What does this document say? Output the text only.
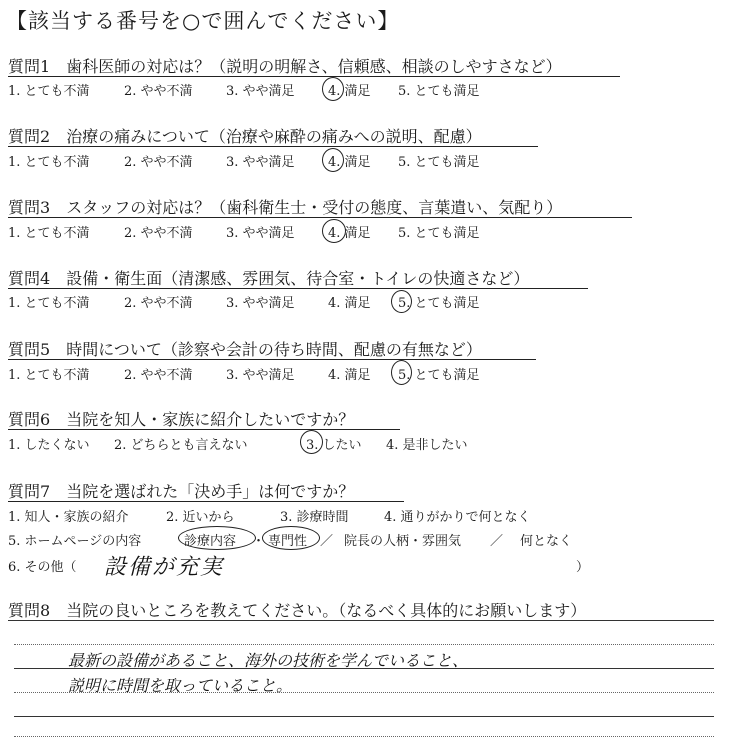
【該当する番号を○で囲んでください】
質問1　 歯科医師の対応は？（説明の明解さ、信頼感、相談のしやすさなど）
1. とても不満	2. やや不満	3. やや満足	4. 満足 5. とても満足
質問2　 治療の痛みについて（治療や麻酔の痛みへの説明、配慮）
1. とても不満	2. やや不満	3. やや満足	4. 満足 5. とても満足
質問3　 スタッフの対応は？（歯科衛生士・受付の態度、言葉遣い、気配り）
1. とても不満	2. やや不満	3. やや満足	4. 満足 5. とても満足
質問4　 設備・衛生面（清潔感、雰囲気、待合室・トイレの快適さなど）
1. とても不満	2. やや不満	3. やや満足	4. 満足 5. とても満足
質問5　 時間について（診察や会計の待ち時間、配慮の有無など）
1. とても不満	2. やや不満	3. やや満足	4. 満足 5. とても満足
質問6　 当院を知人・家族に紹介したいですか？
1. したくない 2. どちらとも言えない	3. したい 4. 是非したい
質問7　 当院を選ばれた「決め手」は何ですか？
1. 知人・家族の紹介	2. 近いから	3. 診療時間	4. 通りがかりで何となく
5. ホームページの内容	診療内容 ・ 専門性 ／ 院長の人柄・雰囲気 ／ 何となく
6. その他（	）
設備が充実
質問8　 当院の良いところを教えてください。（なるべく具体的にお願いします）
最新の設備があること、海外の技術を学んでいること、
説明に時間を取っていること。
